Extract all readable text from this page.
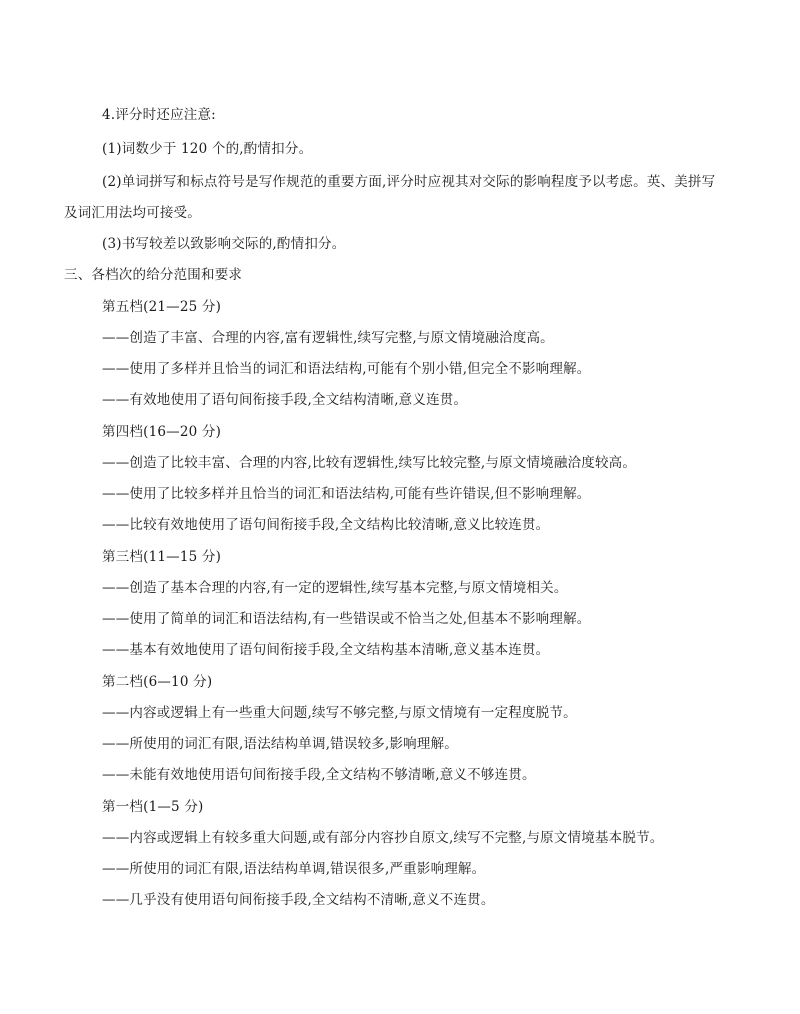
4.评分时还应注意:
(1)词数少于 120 个的,酌情扣分。
(2)单词拼写和标点符号是写作规范的重要方面,评分时应视其对交际的影响程度予以考虑。英、美拼写
及词汇用法均可接受。
(3)书写较差以致影响交际的,酌情扣分。
三、各档次的给分范围和要求
第五档(21—25 分)
——创造了丰富、合理的内容,富有逻辑性,续写完整,与原文情境融洽度高。
——使用了多样并且恰当的词汇和语法结构,可能有个别小错,但完全不影响理解。
——有效地使用了语句间衔接手段,全文结构清晰,意义连贯。
第四档(16—20 分)
——创造了比较丰富、合理的内容,比较有逻辑性,续写比较完整,与原文情境融洽度较高。
——使用了比较多样并且恰当的词汇和语法结构,可能有些许错误,但不影响理解。
——比较有效地使用了语句间衔接手段,全文结构比较清晰,意义比较连贯。
第三档(11—15 分)
——创造了基本合理的内容,有一定的逻辑性,续写基本完整,与原文情境相关。
——使用了简单的词汇和语法结构,有一些错误或不恰当之处,但基本不影响理解。
——基本有效地使用了语句间衔接手段,全文结构基本清晰,意义基本连贯。
第二档(6—10 分)
——内容或逻辑上有一些重大问题,续写不够完整,与原文情境有一定程度脱节。
——所使用的词汇有限,语法结构单调,错误较多,影响理解。
——未能有效地使用语句间衔接手段,全文结构不够清晰,意义不够连贯。
第一档(1—5 分)
——内容或逻辑上有较多重大问题,或有部分内容抄自原文,续写不完整,与原文情境基本脱节。
——所使用的词汇有限,语法结构单调,错误很多,严重影响理解。
——几乎没有使用语句间衔接手段,全文结构不清晰,意义不连贯。
